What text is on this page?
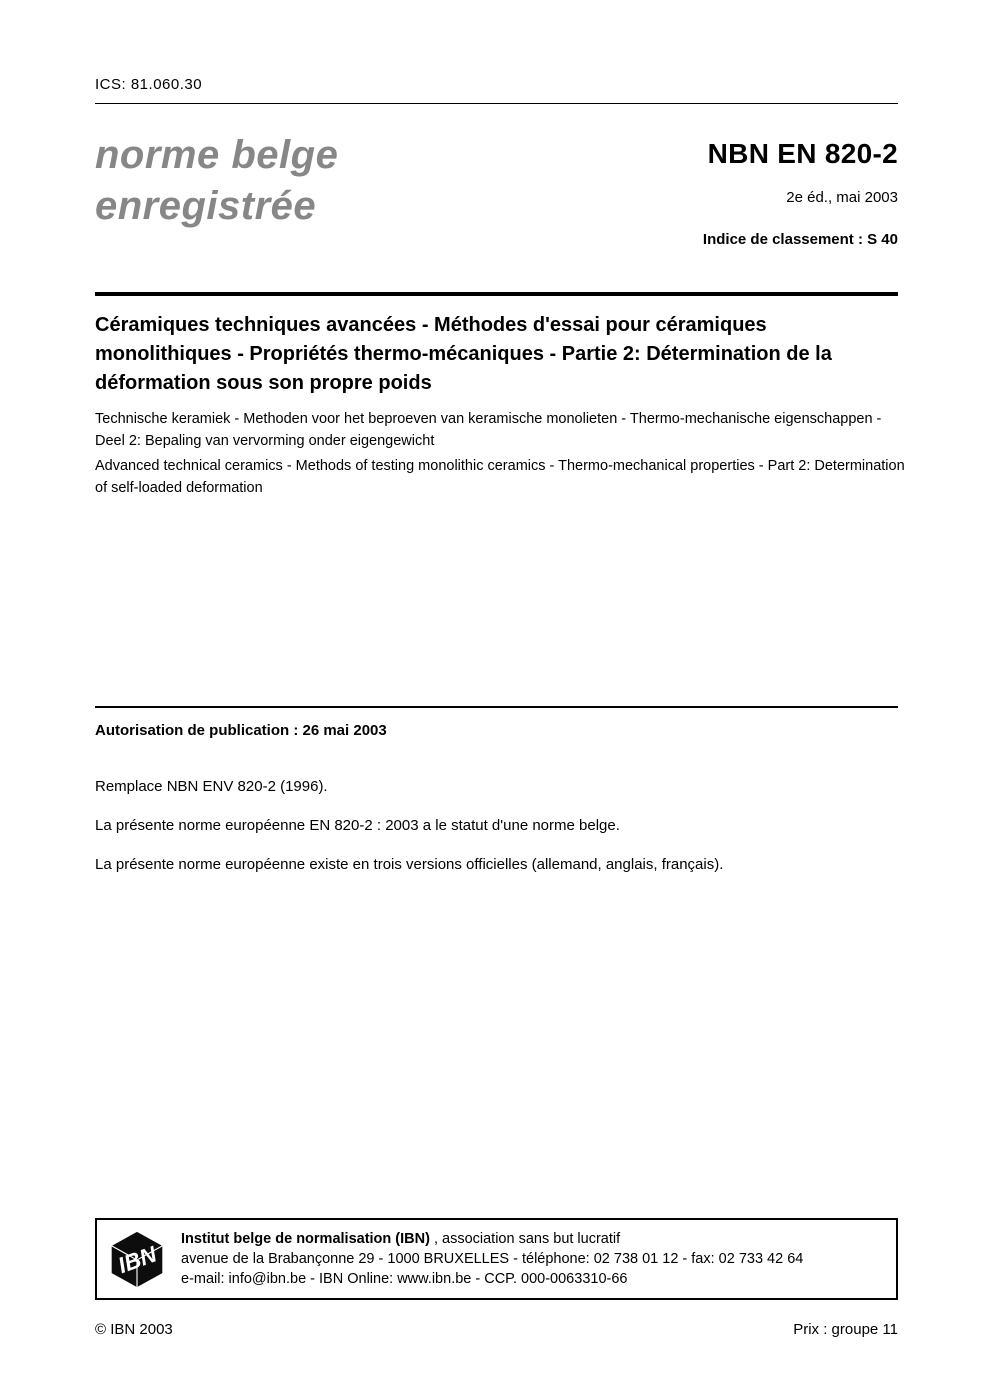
ICS: 81.060.30
norme belge
enregistrée
NBN EN 820-2
2e éd., mai 2003
Indice de classement : S 40
Céramiques techniques avancées - Méthodes d'essai pour céramiques monolithiques - Propriétés thermo-mécaniques - Partie 2: Détermination de la déformation sous son propre poids
Technische keramiek - Methoden voor het beproeven van keramische monolieten - Thermo-mechanische eigenschappen - Deel 2: Bepaling van vervorming onder eigengewicht
Advanced technical ceramics - Methods of testing monolithic ceramics - Thermo-mechanical properties - Part 2: Determination of self-loaded deformation
Autorisation de publication : 26 mai 2003
Remplace NBN ENV 820-2 (1996).
La présente norme européenne EN 820-2 : 2003 a le statut d'une norme belge.
La présente norme européenne existe en trois versions officielles (allemand, anglais, français).
IBN
Institut belge de normalisation (IBN) , association sans but lucratif
avenue de la Brabançonne 29 - 1000 BRUXELLES - téléphone: 02 738 01 12 - fax: 02 733 42 64
e-mail: info@ibn.be - IBN Online: www.ibn.be - CCP. 000-0063310-66
© IBN 2003	Prix : groupe 11
